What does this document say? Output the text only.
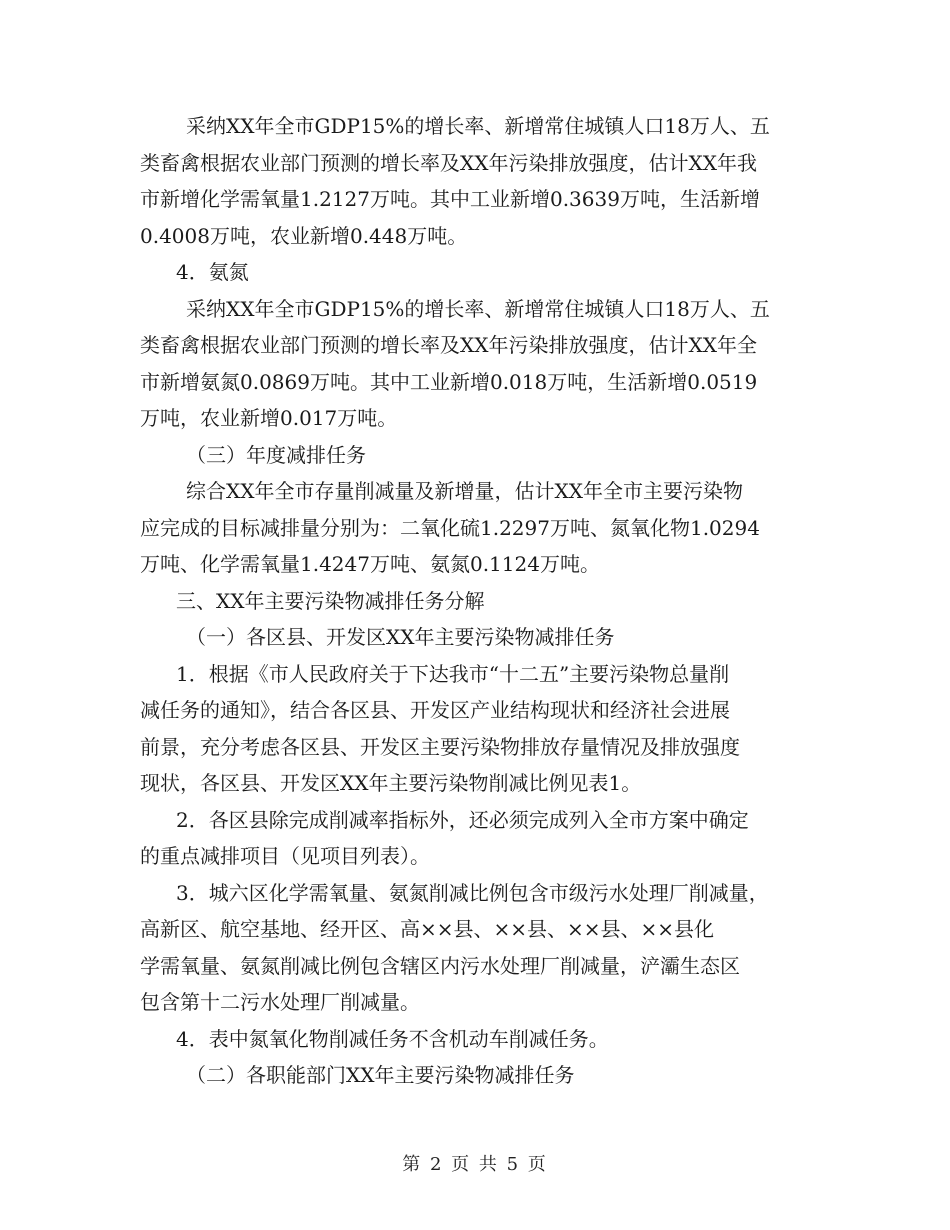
采纳XX年全市GDP15%的增长率、新增常住城镇人口18万人、五
类畜禽根据农业部门预测的增长率及XX年污染排放强度，估计XX年我
市新增化学需氧量1.2127万吨。其中工业新增0.3639万吨，生活新增
0.4008万吨，农业新增0.448万吨。
4．氨氮
采纳XX年全市GDP15%的增长率、新增常住城镇人口18万人、五
类畜禽根据农业部门预测的增长率及XX年污染排放强度，估计XX年全
市新增氨氮0.0869万吨。其中工业新增0.018万吨，生活新增0.0519
万吨，农业新增0.017万吨。
（三）年度减排任务
综合XX年全市存量削减量及新增量，估计XX年全市主要污染物
应完成的目标减排量分别为：二氧化硫1.2297万吨、氮氧化物1.0294
万吨、化学需氧量1.4247万吨、氨氮0.1124万吨。
三、XX年主要污染物减排任务分解
（一）各区县、开发区XX年主要污染物减排任务
1．根据《市人民政府关于下达我市“十二五”主要污染物总量削
减任务的通知》，结合各区县、开发区产业结构现状和经济社会进展
前景，充分考虑各区县、开发区主要污染物排放存量情况及排放强度
现状，各区县、开发区XX年主要污染物削减比例见表1。
2．各区县除完成削减率指标外，还必须完成列入全市方案中确定
的重点减排项目（见项目列表）。
3．城六区化学需氧量、氨氮削减比例包含市级污水处理厂削减量，
高新区、航空基地、经开区、高××县、××县、××县、××县化
学需氧量、氨氮削减比例包含辖区内污水处理厂削减量，浐灞生态区
包含第十二污水处理厂削减量。
4．表中氮氧化物削减任务不含机动车削减任务。
（二）各职能部门XX年主要污染物减排任务
第 2 页 共 5 页
